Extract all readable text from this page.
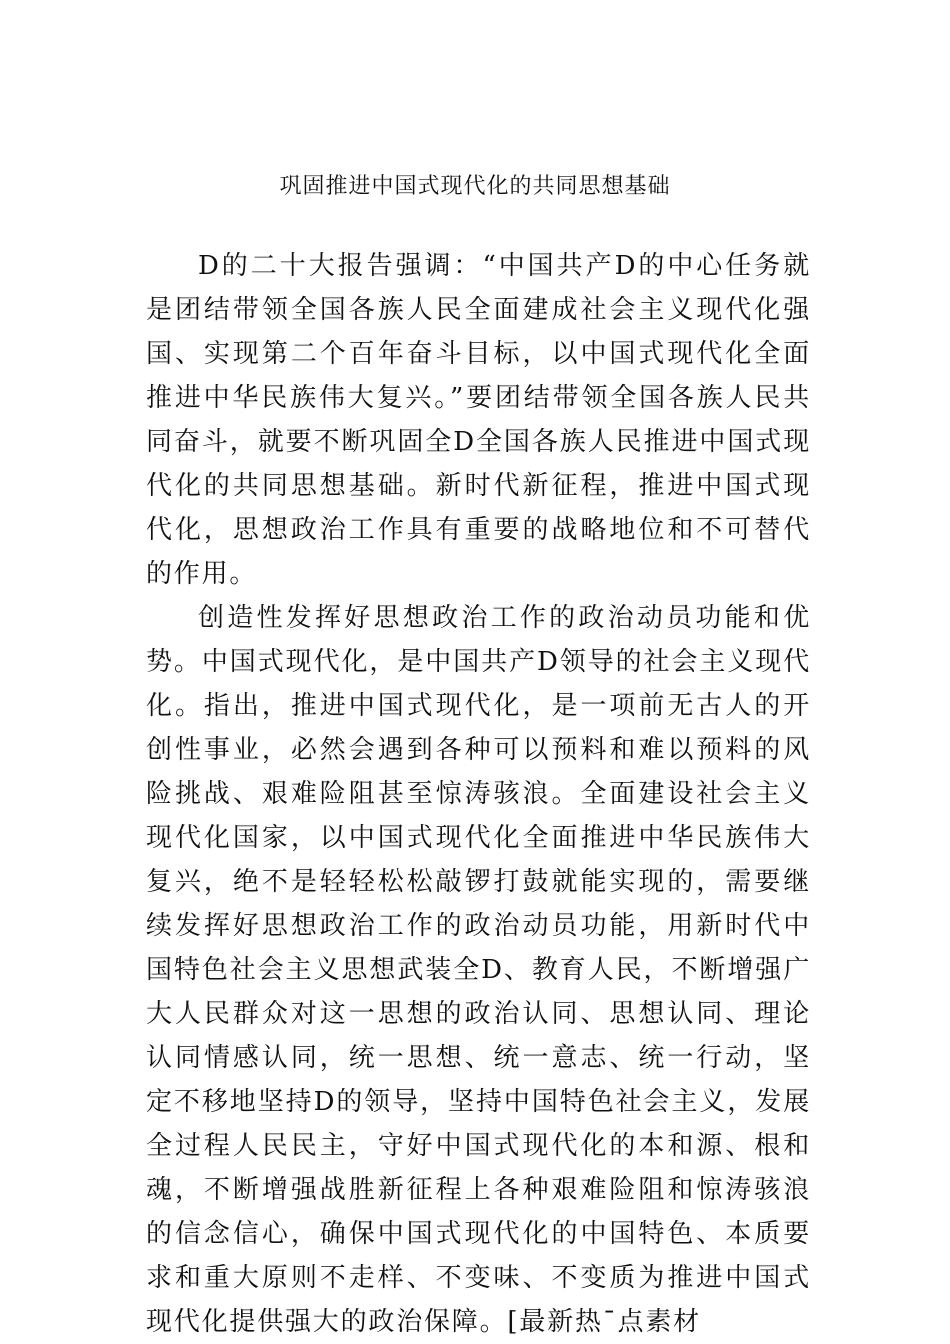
巩固推进中国式现代化的共同思想基础

D的二十大报告强调：“中国共产D的中心任务就是团结带领全国各族人民全面建成社会主义现代化强国、实现第二个百年奋斗目标，以中国式现代化全面推进中华民族伟大复兴。”要团结带领全国各族人民共同奋斗，就要不断巩固全D全国各族人民推进中国式现代化的共同思想基础。新时代新征程，推进中国式现代化，思想政治工作具有重要的战略地位和不可替代的作用。

创造性发挥好思想政治工作的政治动员功能和优势。中国式现代化，是中国共产D领导的社会主义现代化。指出，推进中国式现代化，是一项前无古人的开创性事业，必然会遇到各种可以预料和难以预料的风险挑战、艰难险阻甚至惊涛骇浪。全面建设社会主义现代化国家，以中国式现代化全面推进中华民族伟大复兴，绝不是轻轻松松敲锣打鼓就能实现的，需要继续发挥好思想政治工作的政治动员功能，用新时代中国特色社会主义思想武装全D、教育人民，不断增强广大人民群众对这一思想的政治认同、思想认同、理论认同情感认同，统一思想、统一意志、统一行动，坚定不移地坚持D的领导，坚持中国特色社会主义，发展全过程人民民主，守好中国式现代化的本和源、根和魂，不断增强战胜新征程上各种艰难险阻和惊涛骇浪的信念信心，确保中国式现代化的中国特色、本质要求和重大原则不走样、不变味、不变质为推进中国式现代化提供强大的政治保障。[最新热¯点素材
